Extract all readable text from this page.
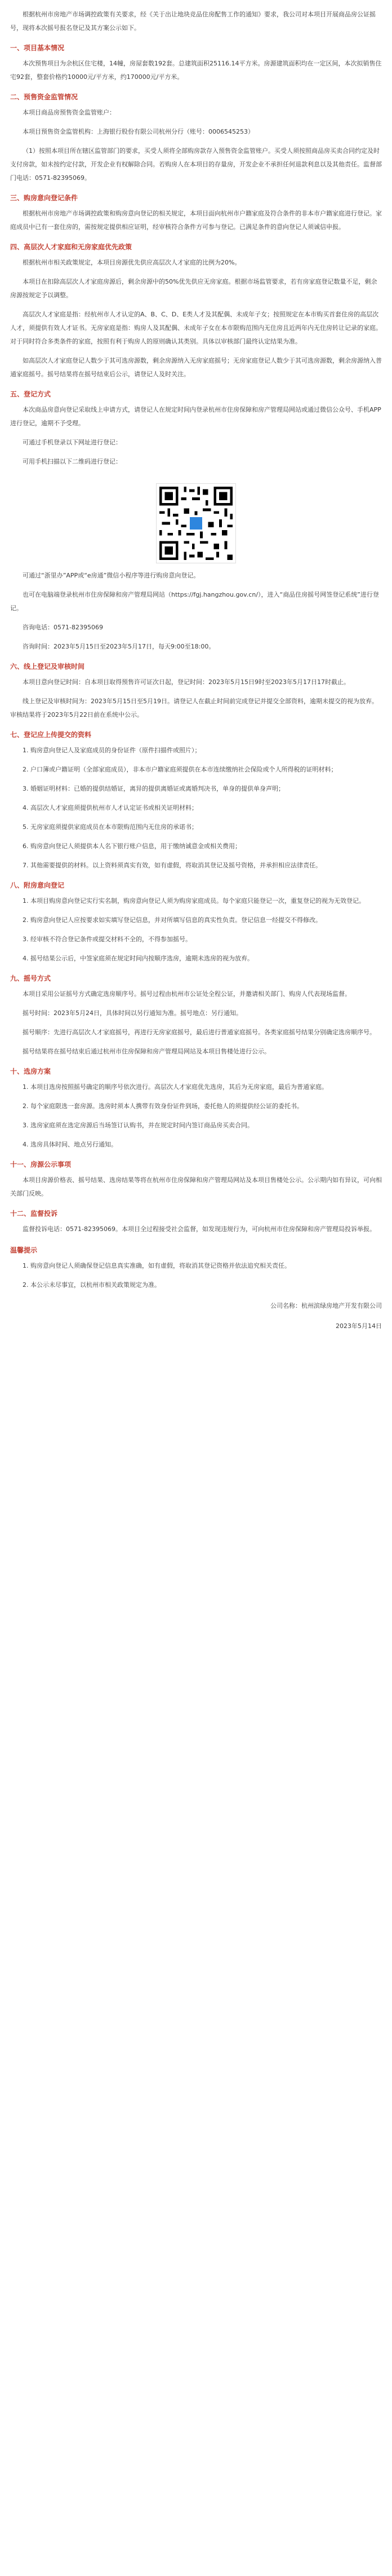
根据杭州市房地产市场调控政策有关要求，经《关于出让地块竞品住房配售工作的通知》要求，我公司对本项目开展商品房公证摇号，现将本次摇号报名登记及其方案公示如下。

一、项目基本情况

本次预售项目为余杭区住宅楼，14幢，房屋套数192套。总建筑面积25116.14平方米。房源建筑面积均在一定区间，本次拟销售住宅92套，整套价格约10000元/平方米，约170000元/平方米。

二、预售资金监管情况

本项目商品房预售资金监管账户：

本项目预售资金监管机构：上海银行股份有限公司杭州分行（账号：0006545253）

（1）按照本项目所在辖区监管部门的要求，买受人须将全部购房款存入预售资金监管账户。买受人须按照商品房买卖合同约定及时支付房款，如未按约定付款，开发企业有权解除合同。若购房人在本项目的存量房，开发企业不承担任何退款利息以及其他责任。监督部门电话：0571-82395069。

三、购房意向登记条件

根据杭州市房地产市场调控政策和购房意向登记的相关规定，本项目面向杭州市户籍家庭及符合条件的非本市户籍家庭进行登记。家庭成员中已有一套住房的，需按规定提供相应证明，经审核符合条件方可参与登记。已满足条件的意向登记人须诚信申报。

四、高层次人才家庭和无房家庭优先政策

根据杭州市相关政策规定，本项目房源优先供应高层次人才家庭的比例为20%。

本项目在扣除高层次人才家庭房源后，剩余房源中的50%优先供应无房家庭。根据市场监管要求，若有房家庭登记数量不足，剩余房源按规定予以调整。

高层次人才家庭是指：经杭州市人才认定的A、B、C、D、E类人才及其配偶、未成年子女；按照规定在本市购买首套住房的高层次人才，须提供有效人才证书。无房家庭是指：购房人及其配偶、未成年子女在本市限购范围内无住房且近两年内无住房转让记录的家庭。对于同时符合多类条件的家庭，按照有利于购房人的原则确认其类别。具体以审核部门最终认定结果为准。

如高层次人才家庭登记人数少于其可选房源数，剩余房源纳入无房家庭摇号；无房家庭登记人数少于其可选房源数，剩余房源纳入普通家庭摇号。摇号结果将在摇号结束后公示，请登记人及时关注。

五、登记方式

本次商品房意向登记采取线上申请方式，请登记人在规定时间内登录杭州市住房保障和房产管理局网站或通过微信公众号、手机APP进行登记，逾期不予受理。

可通过手机登录以下网址进行登记：

可用手机扫描以下二维码进行登记：

可通过“浙里办”APP或“e房通”微信小程序等进行购房意向登记。

也可在电脑端登录杭州市住房保障和房产管理局网站（https://fgj.hangzhou.gov.cn/），进入“商品住房摇号网签登记系统”进行登记。

咨询电话：0571-82395069

咨询时间：2023年5月15日至2023年5月17日，每天9:00至18:00。

六、线上登记及审核时间

本项目意向登记时间：自本项目取得预售许可证次日起，登记时间：2023年5月15日9时至2023年5月17日17时截止。

线上登记及审核时间为：2023年5月15日至5月19日。请登记人在截止时间前完成登记并提交全部资料，逾期未提交的视为放弃。审核结果将于2023年5月22日前在系统中公示。

七、登记应上传提交的资料

1. 购房意向登记人及家庭成员的身份证件（原件扫描件或照片）；

2. 户口簿或户籍证明（全部家庭成员），非本市户籍家庭须提供在本市连续缴纳社会保险或个人所得税的证明材料；

3. 婚姻证明材料：已婚的提供结婚证，离异的提供离婚证或离婚判决书，单身的提供单身声明；

4. 高层次人才家庭须提供杭州市人才认定证书或相关证明材料；

5. 无房家庭须提供家庭成员在本市限购范围内无住房的承诺书；

6. 购房意向登记人须提供本人名下银行账户信息，用于缴纳诚意金或相关费用；

7. 其他需要提供的材料。以上资料须真实有效，如有虚假，将取消其登记及摇号资格，并承担相应法律责任。

八、附房意向登记

1. 本项目购房意向登记实行实名制，购房意向登记人须为购房家庭成员。每个家庭只能登记一次，重复登记的视为无效登记。

2. 购房意向登记人应按要求如实填写登记信息，并对所填写信息的真实性负责。登记信息一经提交不得修改。

3. 经审核不符合登记条件或提交材料不全的，不得参加摇号。

4. 摇号结果公示后，中签家庭须在规定时间内按顺序选房，逾期未选房的视为放弃。

九、摇号方式

本项目采用公证摇号方式确定选房顺序号。摇号过程由杭州市公证处全程公证，并邀请相关部门、购房人代表现场监督。

摇号时间：2023年5月24日，具体时间以另行通知为准。摇号地点：另行通知。

摇号顺序：先进行高层次人才家庭摇号，再进行无房家庭摇号，最后进行普通家庭摇号。各类家庭摇号结果分别确定选房顺序号。

摇号结果将在摇号结束后通过杭州市住房保障和房产管理局网站及本项目售楼处进行公示。

十、选房方案

1. 本项目选房按照摇号确定的顺序号依次进行。高层次人才家庭优先选房，其后为无房家庭，最后为普通家庭。

2. 每个家庭限选一套房源。选房时须本人携带有效身份证件到场，委托他人的须提供经公证的委托书。

3. 选房家庭须在选定房源后当场签订认购书，并在规定时间内签订商品房买卖合同。

4. 选房具体时间、地点另行通知。

十一、房源公示事项

本项目房源价格表、摇号结果、选房结果等将在杭州市住房保障和房产管理局网站及本项目售楼处公示。公示期内如有异议，可向相关部门反映。

十二、监督投诉

监督投诉电话：0571-82395069。本项目全过程接受社会监督，如发现违规行为，可向杭州市住房保障和房产管理局投诉举报。

温馨提示

1. 购房意向登记人须确保登记信息真实准确，如有虚假，将取消其登记资格并依法追究相关责任。

2. 本公示未尽事宜，以杭州市相关政策规定为准。

公司名称：杭州滨绿房地产开发有限公司

2023年5月14日
